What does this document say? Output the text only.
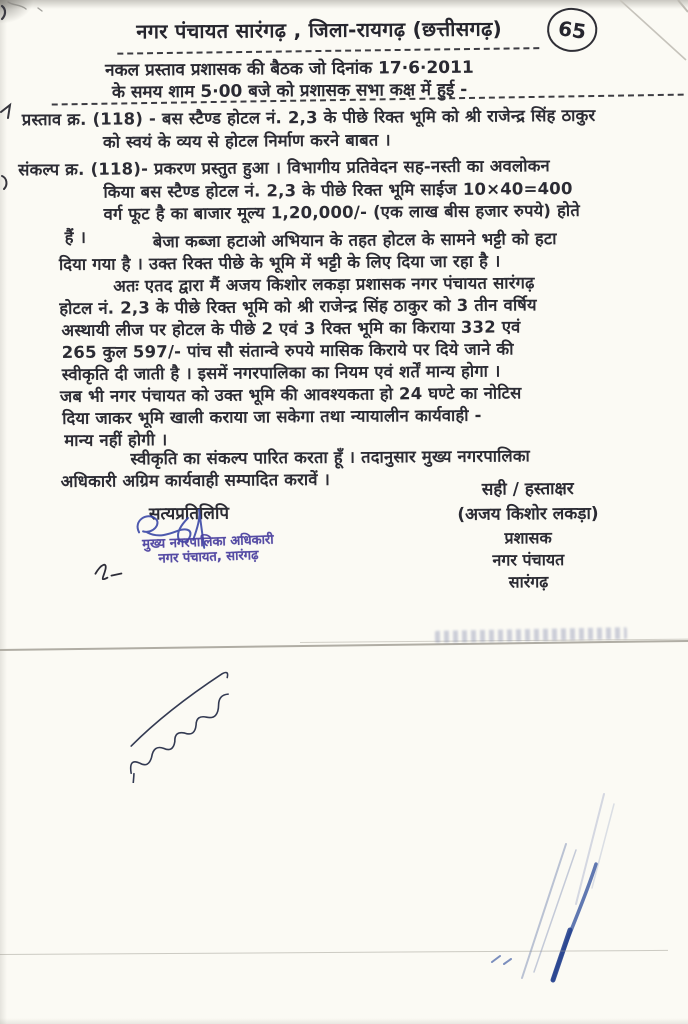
नगर पंचायत सारंगढ़ , जिला-रायगढ़ (छत्तीसगढ़)
नकल प्रस्ताव प्रशासक की बैठक जो दिनांक 17·6·2011
के समय शाम 5·00 बजे को प्रशासक सभा कक्ष में हुई -
65
प्रस्ताव क्र. (118) - बस स्टैण्ड होटल नं. 2,3 के पीछे रिक्त भूमि को श्री राजेन्द्र सिंह ठाकुर
को स्वयं के व्यय से होटल निर्माण करने बाबत ।
संकल्प क्र. (118)- प्रकरण प्रस्तुत हुआ । विभागीय प्रतिवेदन सह-नस्ती का अवलोकन
किया बस स्टैण्ड होटल नं. 2,3 के पीछे रिक्त भूमि साईज 10×40=400
वर्ग फूट है का बाजार मूल्य 1,20,000/- (एक लाख बीस हजार रुपये) होते
हैं ।	बेजा कब्जा हटाओ अभियान के तहत होटल के सामने भट्टी को हटा
दिया गया है । उक्त रिक्त पीछे के भूमि में भट्टी के लिए दिया जा रहा है ।
अतः एतद द्वारा मैं अजय किशोर लकड़ा प्रशासक नगर पंचायत सारंगढ़
होटल नं. 2,3 के पीछे रिक्त भूमि को श्री राजेन्द्र सिंह ठाकुर को 3 तीन वर्षिय
अस्थायी लीज पर होटल के पीछे 2 एवं 3 रिक्त भूमि का किराया 332 एवं
265 कुल 597/- पांच सौ संतान्वे रुपये मासिक किराये पर दिये जाने की
स्वीकृति दी जाती है । इसमें नगरपालिका का नियम एवं शर्तें मान्य होगा ।
जब भी नगर पंचायत को उक्त भूमि की आवश्यकता हो 24 घण्टे का नोटिस
दिया जाकर भूमि खाली कराया जा सकेगा तथा न्यायालीन कार्यवाही -
मान्य नहीं होगी ।
स्वीकृति का संकल्प पारित करता हूँ । तदानुसार मुख्य नगरपालिका
अधिकारी अग्रिम कार्यवाही सम्पादित करावें ।	सही / हस्ताक्षर
(अजय किशोर लकड़ा)
प्रशासक
नगर पंचायत
सारंगढ़
सत्यप्रतिलिपि
मुख्य नगरपालिका अधिकारी
नगर पंचायत, सारंगढ़
